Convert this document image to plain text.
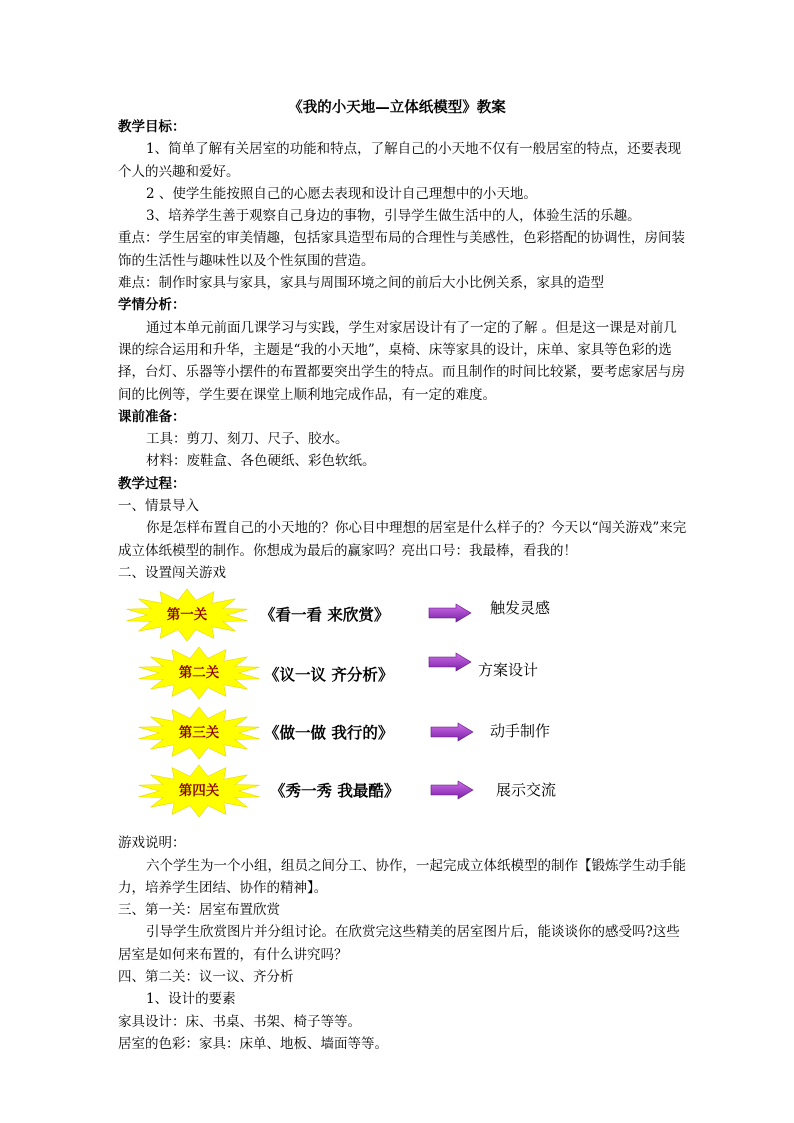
《我的小天地—立体纸模型》教案

教学目标：

1、简单了解有关居室的功能和特点，了解自己的小天地不仅有一般居室的特点，还要表现个人的兴趣和爱好。

2 、使学生能按照自己的心愿去表现和设计自己理想中的小天地。

3、培养学生善于观察自己身边的事物，引导学生做生活中的人，体验生活的乐趣。

重点：学生居室的审美情趣，包括家具造型布局的合理性与美感性，色彩搭配的协调性，房间装饰的生活性与趣味性以及个性氛围的营造。

难点：制作时家具与家具，家具与周围环境之间的前后大小比例关系，家具的造型

学情分析：

通过本单元前面几课学习与实践，学生对家居设计有了一定的了解 。但是这一课是对前几课的综合运用和升华，主题是“我的小天地”，桌椅、床等家具的设计，床单、家具等色彩的选择，台灯、乐器等小摆件的布置都要突出学生的特点。而且制作的时间比较紧，要考虑家居与房间的比例等，学生要在课堂上顺利地完成作品，有一定的难度。

课前准备：

工具：剪刀、刻刀、尺子、胶水。

材料：废鞋盒、各色硬纸、彩色软纸。

教学过程：

一、情景导入

你是怎样布置自己的小天地的？你心目中理想的居室是什么样子的？今天以“闯关游戏”来完成立体纸模型的制作。你想成为最后的赢家吗？亮出口号：我最棒，看我的！

二、设置闯关游戏

第一关	《看一看 来欣赏》	触发灵感
第二关	《议一议 齐分析》	方案设计
第三关	《做一做 我行的》	动手制作
第四关	《秀一秀 我最酷》	展示交流

游戏说明：

六个学生为一个小组，组员之间分工、协作，一起完成立体纸模型的制作【锻炼学生动手能力，培养学生团结、协作的精神】。

三、第一关：居室布置欣赏

引导学生欣赏图片并分组讨论。在欣赏完这些精美的居室图片后，能谈谈你的感受吗?这些居室是如何来布置的，有什么讲究吗？

四、第二关：议一议、齐分析

1、设计的要素

家具设计：床、书桌、书架、椅子等等。

居室的色彩：家具：床单、地板、墙面等等。
